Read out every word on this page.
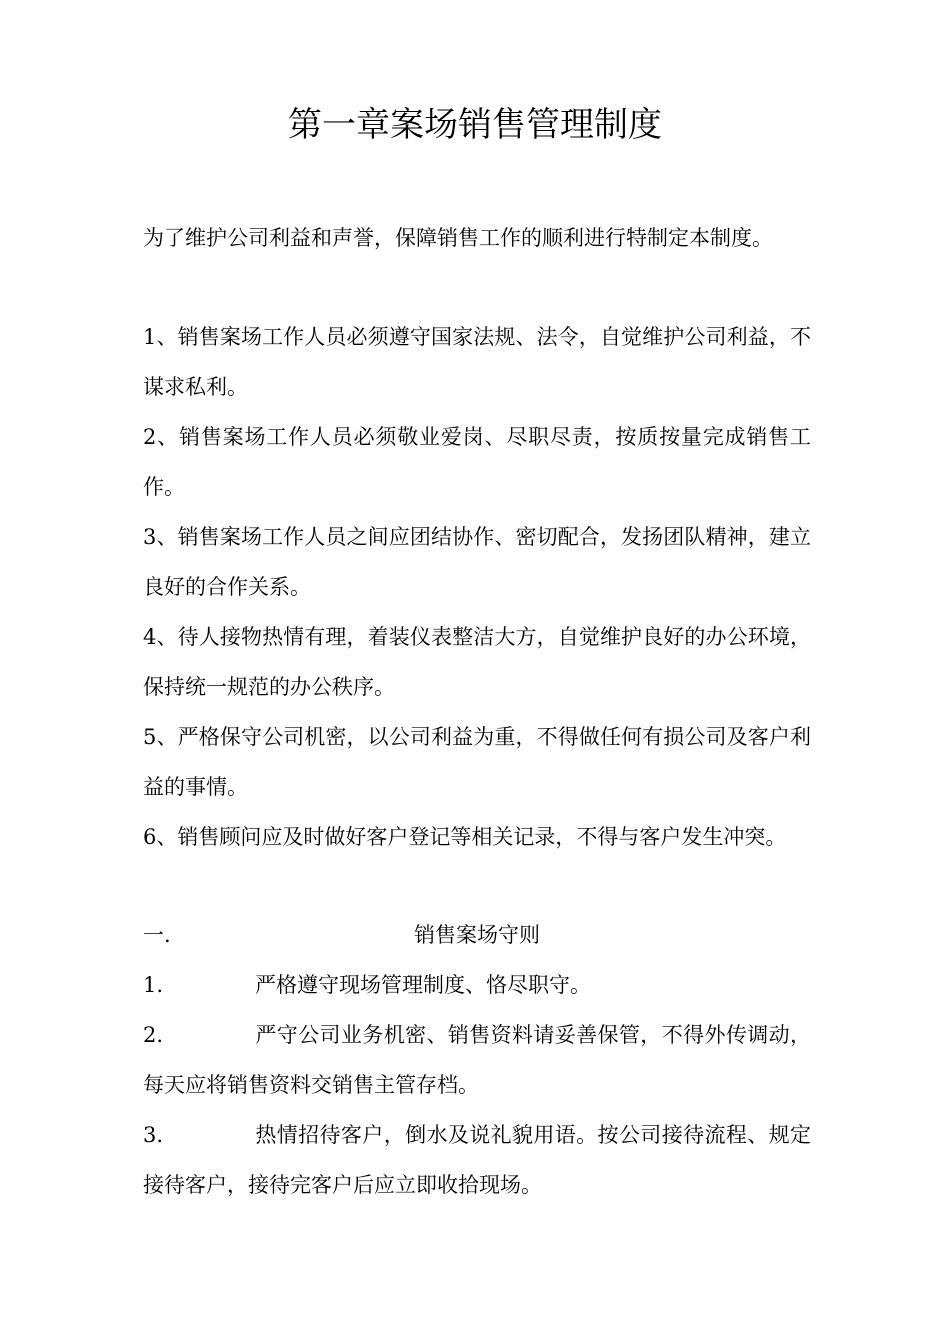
第一章案场销售管理制度

为了维护公司利益和声誉，保障销售工作的顺利进行特制定本制度。

1、销售案场工作人员必须遵守国家法规、法令，自觉维护公司利益，不谋求私利。

2、销售案场工作人员必须敬业爱岗、尽职尽责，按质按量完成销售工作。

3、销售案场工作人员之间应团结协作、密切配合，发扬团队精神，建立良好的合作关系。

4、待人接物热情有理，着装仪表整洁大方，自觉维护良好的办公环境，保持统一规范的办公秩序。

5、严格保守公司机密，以公司利益为重，不得做任何有损公司及客户利益的事情。

6、销售顾问应及时做好客户登记等相关记录，不得与客户发生冲突。

一.	销售案场守则

1.	严格遵守现场管理制度、恪尽职守。

2.	严守公司业务机密、销售资料请妥善保管，不得外传调动，每天应将销售资料交销售主管存档。

3.	热情招待客户，倒水及说礼貌用语。按公司接待流程、规定接待客户，接待完客户后应立即收拾现场。
